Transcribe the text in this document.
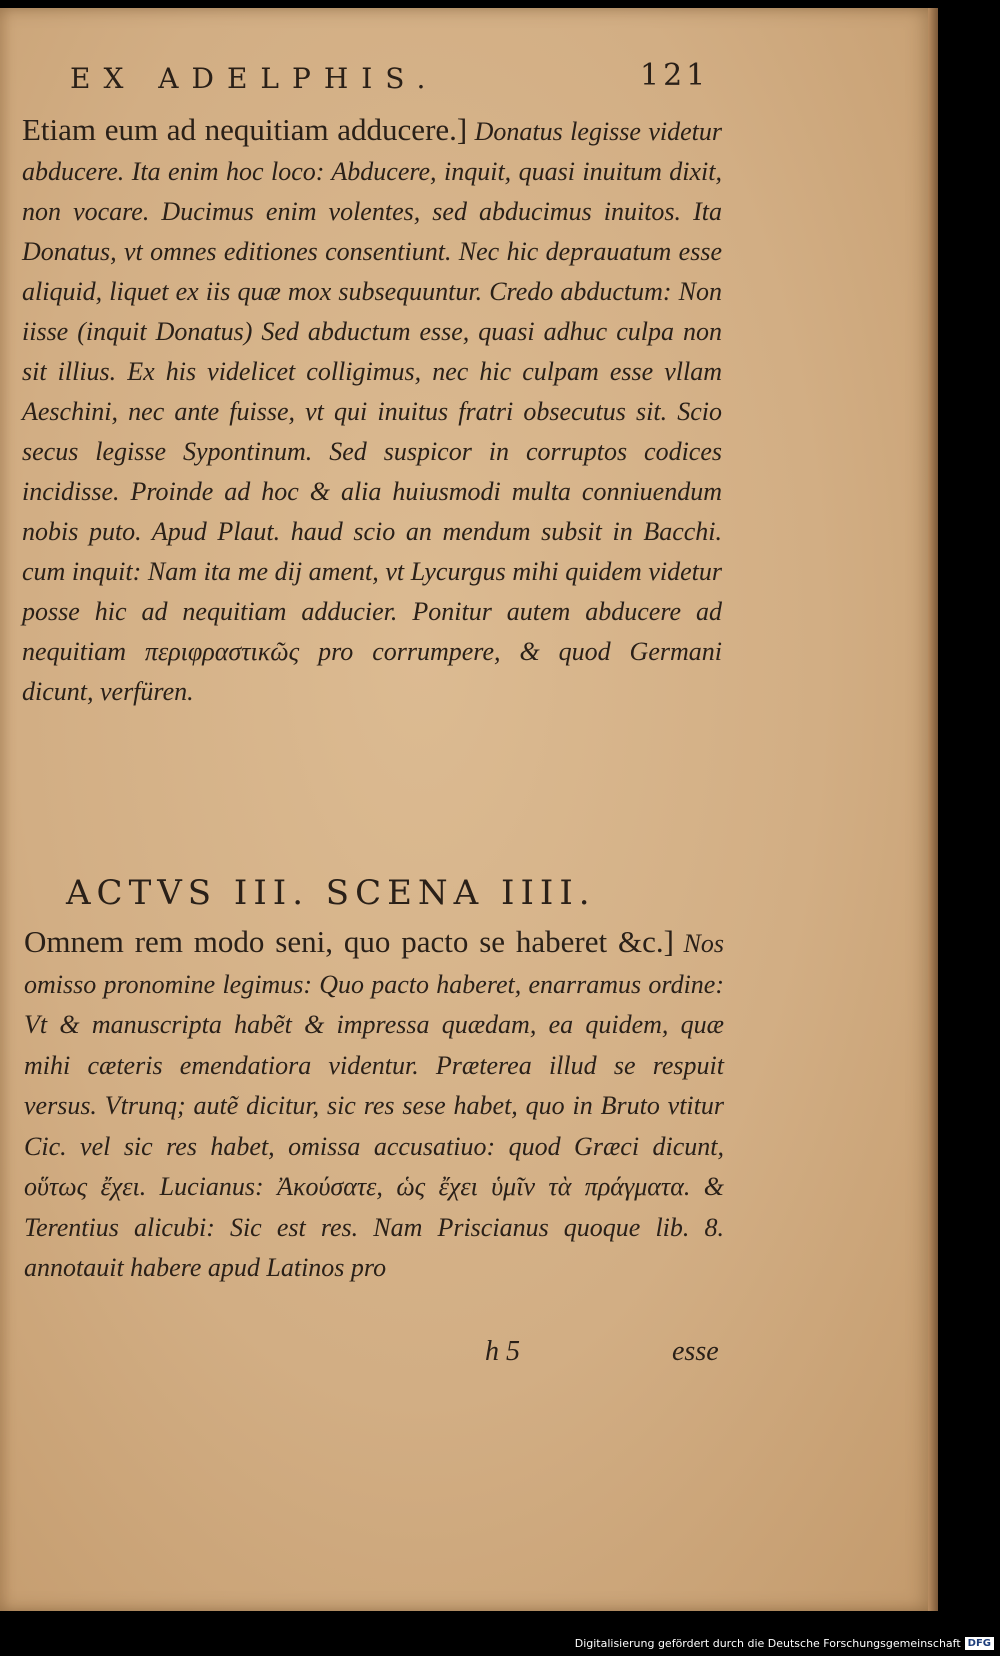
EX ADELPHIS.	121
Etiam eum ad nequitiam adducere.] Donatus legisse videtur abducere. Ita enim hoc loco: Abducere, inquit, quasi inuitum dixit, non vocare. Ducimus enim volentes, sed abducimus inuitos. Ita Donatus, vt omnes editiones consentiunt. Nec hic deprauatum esse aliquid, liquet ex iis quæ mox subsequuntur. Credo abductum: Non iisse (inquit Donatus) Sed abductum esse, quasi adhuc culpa non sit illius. Ex his videlicet colligimus, nec hic culpam esse vllam Aeschini, nec ante fuisse, vt qui inuitus fratri obsecutus sit. Scio secus legisse Sypontinum. Sed suspicor in corruptos codices incidisse. Proinde ad hoc & alia huiusmodi multa conniuendum nobis puto. Apud Plaut. haud scio an mendum subsit in Bacchi. cum inquit: Nam ita me dij ament, vt Lycurgus mihi quidem videtur posse hic ad nequitiam adducier. Ponitur autem abducere ad nequitiam περιφραστικῶς pro corrumpere, & quod Germani dicunt, verfüren.
ACTVS III. SCENA IIII.
Omnem rem modo seni, quo pacto se haberet &c.] Nos omisso pronomine legimus: Quo pacto haberet, enarramus ordine: Vt & manuscripta habẽt & impressa quædam, ea quidem, quæ mihi cæteris emendatiora videntur. Præterea illud se respuit versus. Vtrunq; autẽ dicitur, sic res sese habet, quo in Bruto vtitur Cic. vel sic res habet, omissa accusatiuo: quod Græci dicunt, οὕτως ἔχει. Lucianus: Ἀκούσατε, ὡς ἔχει ὑμῖν τὰ πράγματα. & Terentius alicubi: Sic est res. Nam Priscianus quoque lib. 8. annotauit habere apud Latinos pro
h 5	esse
Digitalisierung gefördert durch die Deutsche Forschungsgemeinschaft DFG
